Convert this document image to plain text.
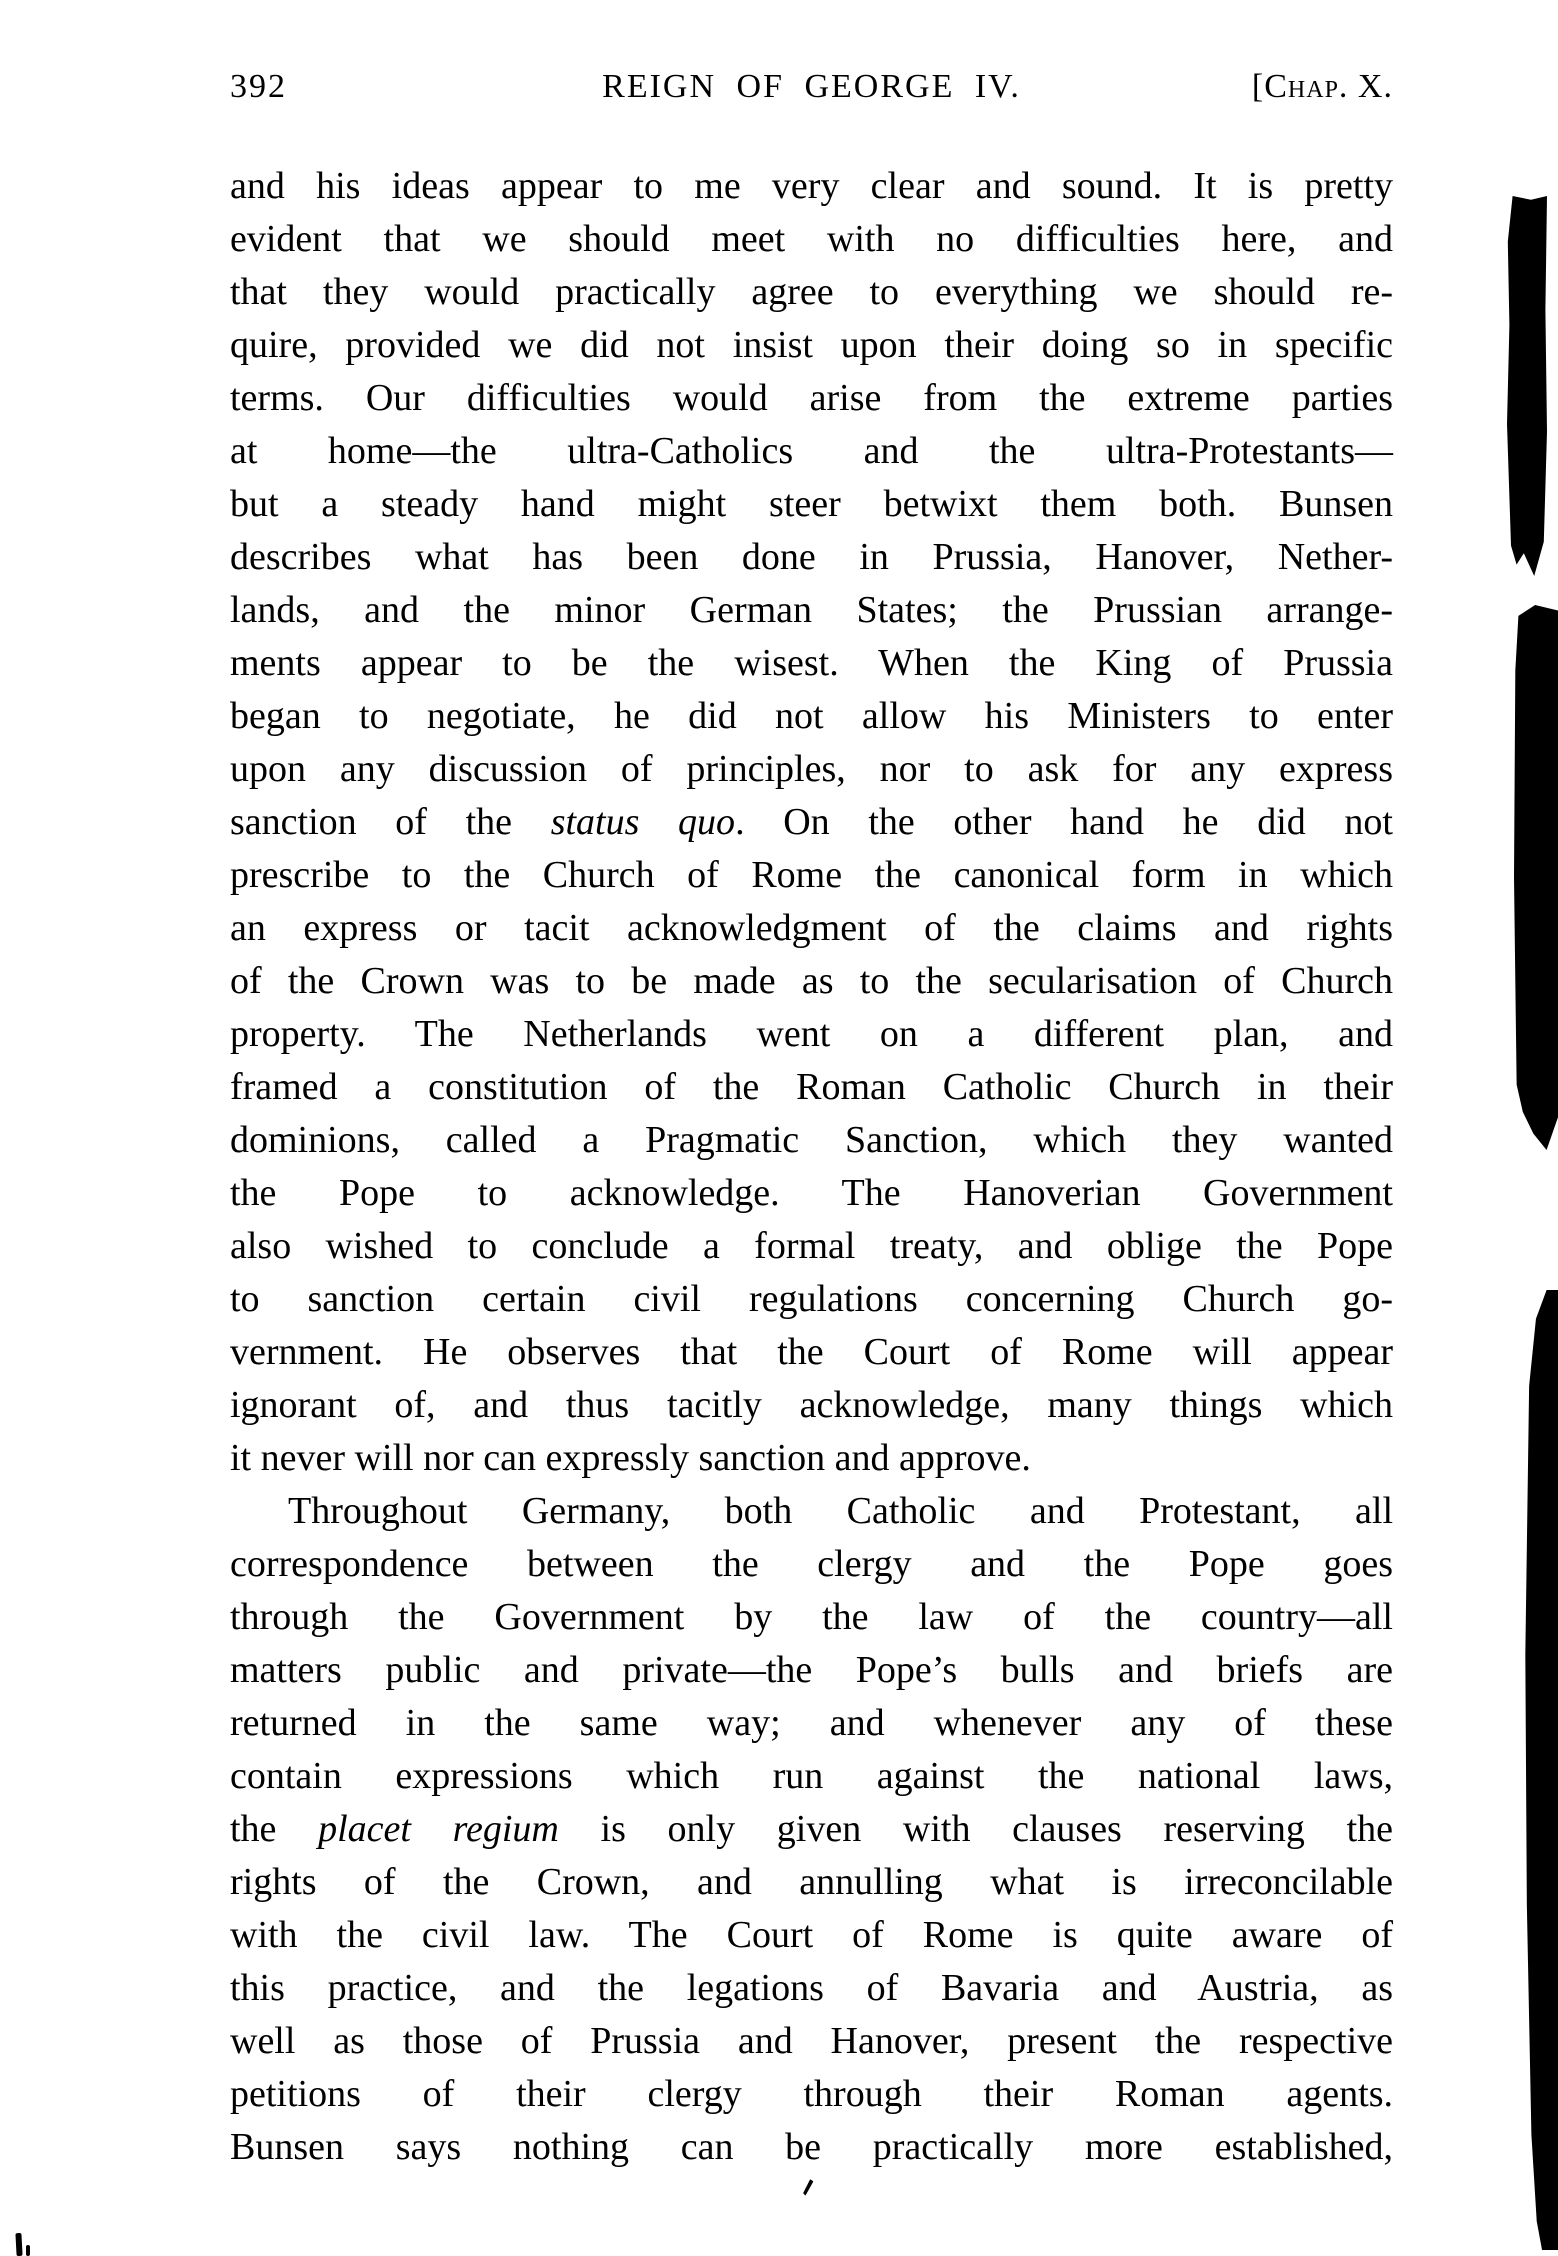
392	REIGN OF GEORGE IV.	[Chap. X.
and his ideas appear to me very clear and sound. It is pretty
evident that we should meet with no difficulties here, and
that they would practically agree to everything we should re-
quire, provided we did not insist upon their doing so in specific
terms. Our difficulties would arise from the extreme parties
at home—the ultra-Catholics and the ultra-Protestants—
but a steady hand might steer betwixt them both. Bunsen
describes what has been done in Prussia, Hanover, Nether-
lands, and the minor German States; the Prussian arrange-
ments appear to be the wisest. When the King of Prussia
began to negotiate, he did not allow his Ministers to enter
upon any discussion of principles, nor to ask for any express
sanction of the status quo. On the other hand he did not
prescribe to the Church of Rome the canonical form in which
an express or tacit acknowledgment of the claims and rights
of the Crown was to be made as to the secularisation of Church
property. The Netherlands went on a different plan, and
framed a constitution of the Roman Catholic Church in their
dominions, called a Pragmatic Sanction, which they wanted
the Pope to acknowledge. The Hanoverian Government
also wished to conclude a formal treaty, and oblige the Pope
to sanction certain civil regulations concerning Church go-
vernment. He observes that the Court of Rome will appear
ignorant of, and thus tacitly acknowledge, many things which
it never will nor can expressly sanction and approve.
Throughout Germany, both Catholic and Protestant, all
correspondence between the clergy and the Pope goes
through the Government by the law of the country—all
matters public and private—the Pope’s bulls and briefs are
returned in the same way; and whenever any of these
contain expressions which run against the national laws,
the placet regium is only given with clauses reserving the
rights of the Crown, and annulling what is irreconcilable
with the civil law. The Court of Rome is quite aware of
this practice, and the legations of Bavaria and Austria, as
well as those of Prussia and Hanover, present the respective
petitions of their clergy through their Roman agents.
Bunsen says nothing can be practically more established,
